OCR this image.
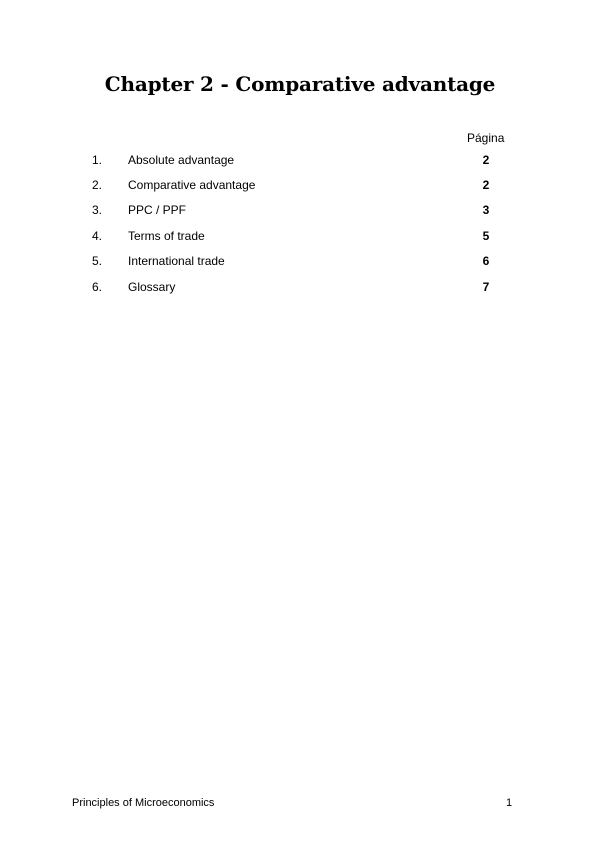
Chapter 2 - Comparative advantage
Página
1. Absolute advantage	2
2. Comparative advantage	2
3. PPC / PPF	3
4. Terms of trade	5
5. International trade	6
6. Glossary	7
Principles of Microeconomics	1
